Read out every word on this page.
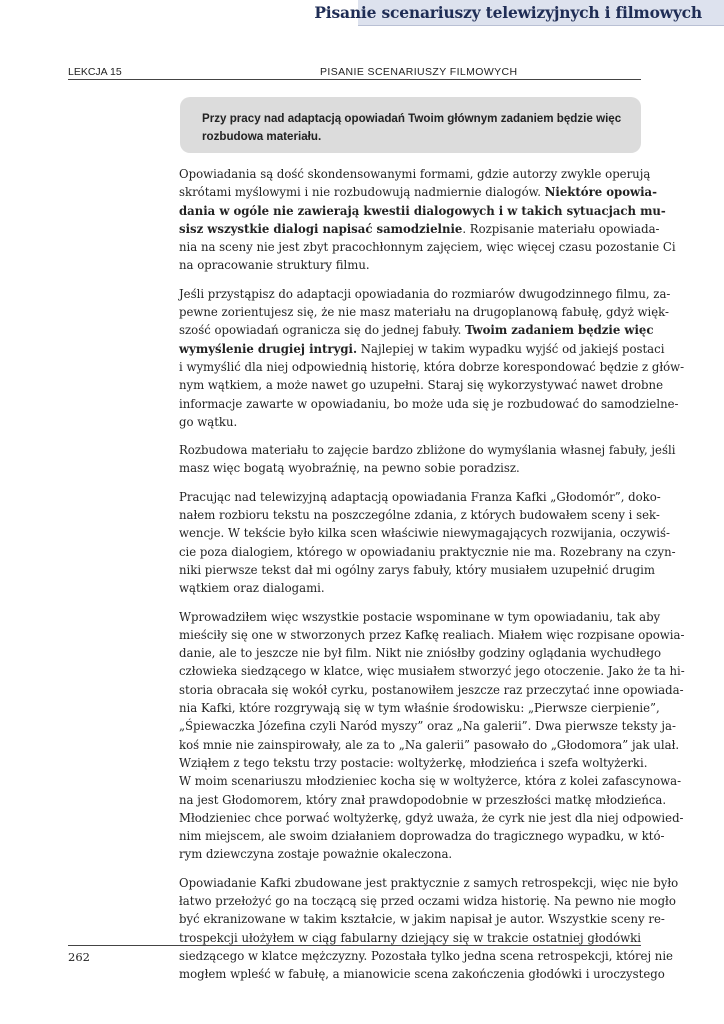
Pisanie scenariuszy telewizyjnych i filmowych
LEKCJA 15	PISANIE SCENARIUSZY FILMOWYCH
Przy pracy nad adaptacją opowiadań Twoim głównym zadaniem będzie więc
rozbudowa materiału.
Opowiadania są dość skondensowanymi formami, gdzie autorzy zwykle operują
skrótami myślowymi i nie rozbudowują nadmiernie dialogów. Niektóre opowia-
dania w ogóle nie zawierają kwestii dialogowych i w takich sytuacjach mu-
sisz wszystkie dialogi napisać samodzielnie. Rozpisanie materiału opowiada-
nia na sceny nie jest zbyt pracochłonnym zajęciem, więc więcej czasu pozostanie Ci
na opracowanie struktury filmu.
Jeśli przystąpisz do adaptacji opowiadania do rozmiarów dwugodzinnego filmu, za-
pewne zorientujesz się, że nie masz materiału na drugoplanową fabułę, gdyż więk-
szość opowiadań ogranicza się do jednej fabuły. Twoim zadaniem będzie więc
wymyślenie drugiej intrygi. Najlepiej w takim wypadku wyjść od jakiejś postaci
i wymyślić dla niej odpowiednią historię, która dobrze korespondować będzie z głów-
nym wątkiem, a może nawet go uzupełni. Staraj się wykorzystywać nawet drobne
informacje zawarte w opowiadaniu, bo może uda się je rozbudować do samodzielne-
go wątku.
Rozbudowa materiału to zajęcie bardzo zbliżone do wymyślania własnej fabuły, jeśli
masz więc bogatą wyobraźnię, na pewno sobie poradzisz.
Pracując nad telewizyjną adaptacją opowiadania Franza Kafki „Głodomór”, doko-
nałem rozbioru tekstu na poszczególne zdania, z których budowałem sceny i sek-
wencje. W tekście było kilka scen właściwie niewymagających rozwijania, oczywiś-
cie poza dialogiem, którego w opowiadaniu praktycznie nie ma. Rozebrany na czyn-
niki pierwsze tekst dał mi ogólny zarys fabuły, który musiałem uzupełnić drugim
wątkiem oraz dialogami.
Wprowadziłem więc wszystkie postacie wspominane w tym opowiadaniu, tak aby
mieściły się one w stworzonych przez Kafkę realiach. Miałem więc rozpisane opowia-
danie, ale to jeszcze nie był film. Nikt nie zniósłby godziny oglądania wychudłego
człowieka siedzącego w klatce, więc musiałem stworzyć jego otoczenie. Jako że ta hi-
storia obracała się wokół cyrku, postanowiłem jeszcze raz przeczytać inne opowiada-
nia Kafki, które rozgrywają się w tym właśnie środowisku: „Pierwsze cierpienie”,
„Śpiewaczka Józefina czyli Naród myszy” oraz „Na galerii”. Dwa pierwsze teksty ja-
koś mnie nie zainspirowały, ale za to „Na galerii” pasowało do „Głodomora” jak ulał.
Wziąłem z tego tekstu trzy postacie: woltyżerkę, młodzieńca i szefa woltyżerki.
W moim scenariuszu młodzieniec kocha się w woltyżerce, która z kolei zafascynowa-
na jest Głodomorem, który znał prawdopodobnie w przeszłości matkę młodzieńca.
Młodzieniec chce porwać woltyżerkę, gdyż uważa, że cyrk nie jest dla niej odpowied-
nim miejscem, ale swoim działaniem doprowadza do tragicznego wypadku, w któ-
rym dziewczyna zostaje poważnie okaleczona.
Opowiadanie Kafki zbudowane jest praktycznie z samych retrospekcji, więc nie było
łatwo przełożyć go na toczącą się przed oczami widza historię. Na pewno nie mogło
być ekranizowane w takim kształcie, w jakim napisał je autor. Wszystkie sceny re-
trospekcji ułożyłem w ciąg fabularny dziejący się w trakcie ostatniej głodówki
siedzącego w klatce mężczyzny. Pozostała tylko jedna scena retrospekcji, której nie
mogłem wpleść w fabułę, a mianowicie scena zakończenia głodówki i uroczystego
262
